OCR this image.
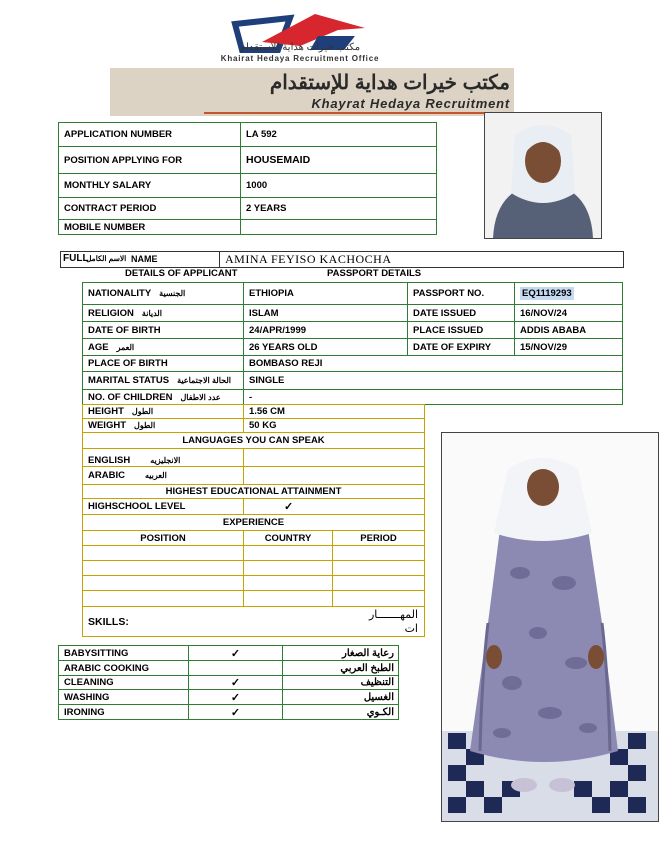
مكتب خيرات هداية للاستقدام
Khairat Hedaya Recruitment Office
مكتب خيرات هداية للإستقدام
Khayrat Hedaya Recruitment
APPLICATION NUMBER	LA 592
POSITION APPLYING FOR	HOUSEMAID
MONTHLY SALARY	1000
CONTRACT PERIOD	2 YEARS
MOBILE NUMBER	
FULL
الاسم الكامل NAME	AMINA FEYISO KACHOCHA
DETAILS OF APPLICANT	PASSPORT DETAILS
NATIONALITY الجنسية	ETHIOPIA	PASSPORT NO.	EQ1119293
RELIGION الديانة	ISLAM	DATE ISSUED	16/NOV/24
DATE OF BIRTH	24/APR/1999	PLACE ISSUED	ADDIS ABABA
AGE العمر	26 YEARS OLD	DATE OF EXPIRY	15/NOV/29
PLACE OF BIRTH	BOMBASO REJI		
MARITAL STATUS الحالة الاجتماعية	SINGLE		
NO. OF CHILDREN عدد الاطفال	-		
HEIGHT الطول	1.56 CM	
WEIGHT الطول	50 KG	
LANGUAGES YOU CAN SPEAK		
ENGLISH الانجليزيه		
ARABIC العربيه		
HIGHEST EDUCATIONAL ATTAINMENT		
HIGHSCHOOL LEVEL	✓	
EXPERIENCE		
POSITION	COUNTRY	PERIOD

SKILLS:
المهـــــــار
ات		
BABYSITTING	✓	رعاية الصغار
ARABIC COOKING		الطبخ العربي
CLEANING	✓	التنظيف
WASHING	✓	الغسيل
IRONING	✓	الكـوي
